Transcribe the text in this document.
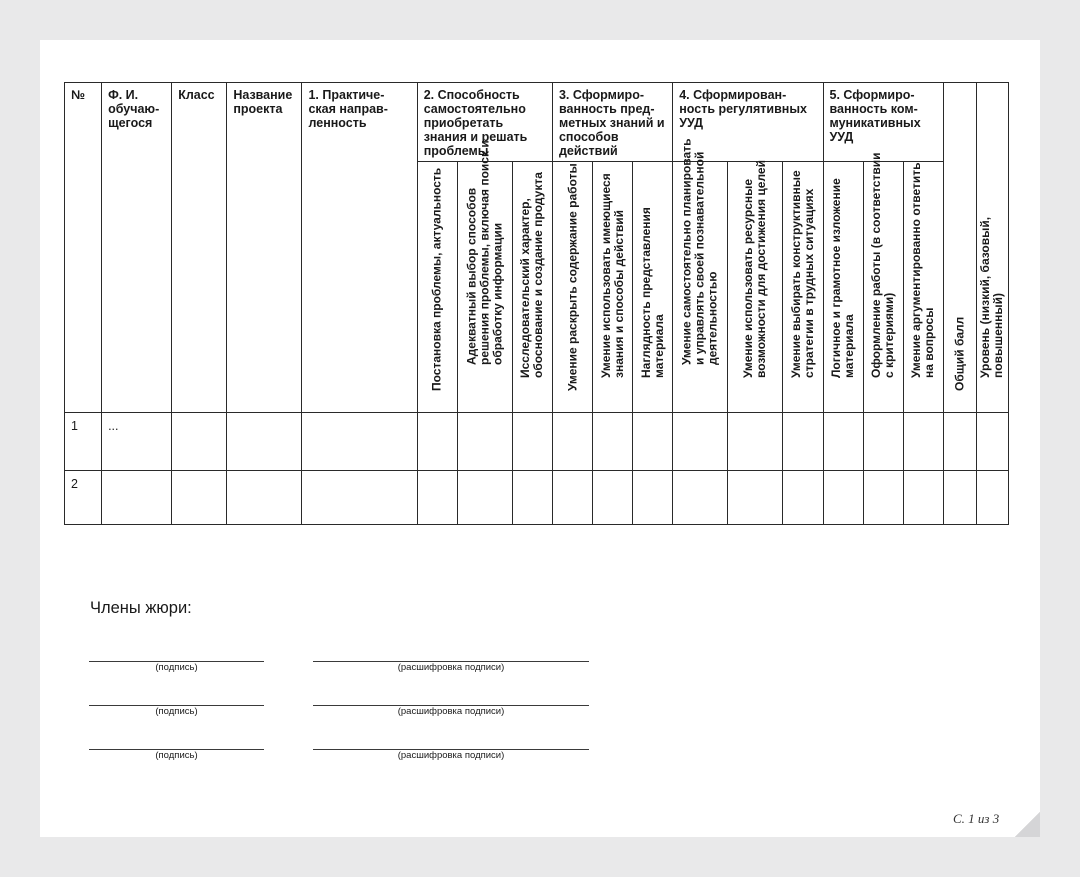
№	Ф. И. обучаю-щегося	Класс	Название проекта	1. Практиче-ская направ-ленность	2. Способность самостоятельно приобретать знания и решать проблемы			3. Сформиро-ванность пред-метных знаний и способов действий			4. Сформирован-ность регулятивных УУД			5. Сформиро-ванность ком-муникативных УУД			Общий балл	Уровень (низкий, базовый, повышенный)

					Постановка проблемы, актуальность	Адекватный выбор способов решения проблемы, включая поиск и обработку информации	Исследовательский характер, обоснование и создание продукта	Умение раскрыть содержание работы	Умение использовать имеющиеся знания и способы действий	Наглядность представления материала	Умение самостоятельно планировать и управлять своей познавательной деятельностью	Умение использовать ресурсные возможности для достижения целей	Умение выбирать конструктивные стратегии в трудных ситуациях	Логичное и грамотное изложение материала	Оформление работы (в соответствии с критериями)	Умение аргументированно ответить на вопросы		

1	...																	
2																		
Члены жюри:
(подпись)	(расшифровка подписи)
(подпись)	(расшифровка подписи)
(подпись)	(расшифровка подписи)
С. 1 из 3
